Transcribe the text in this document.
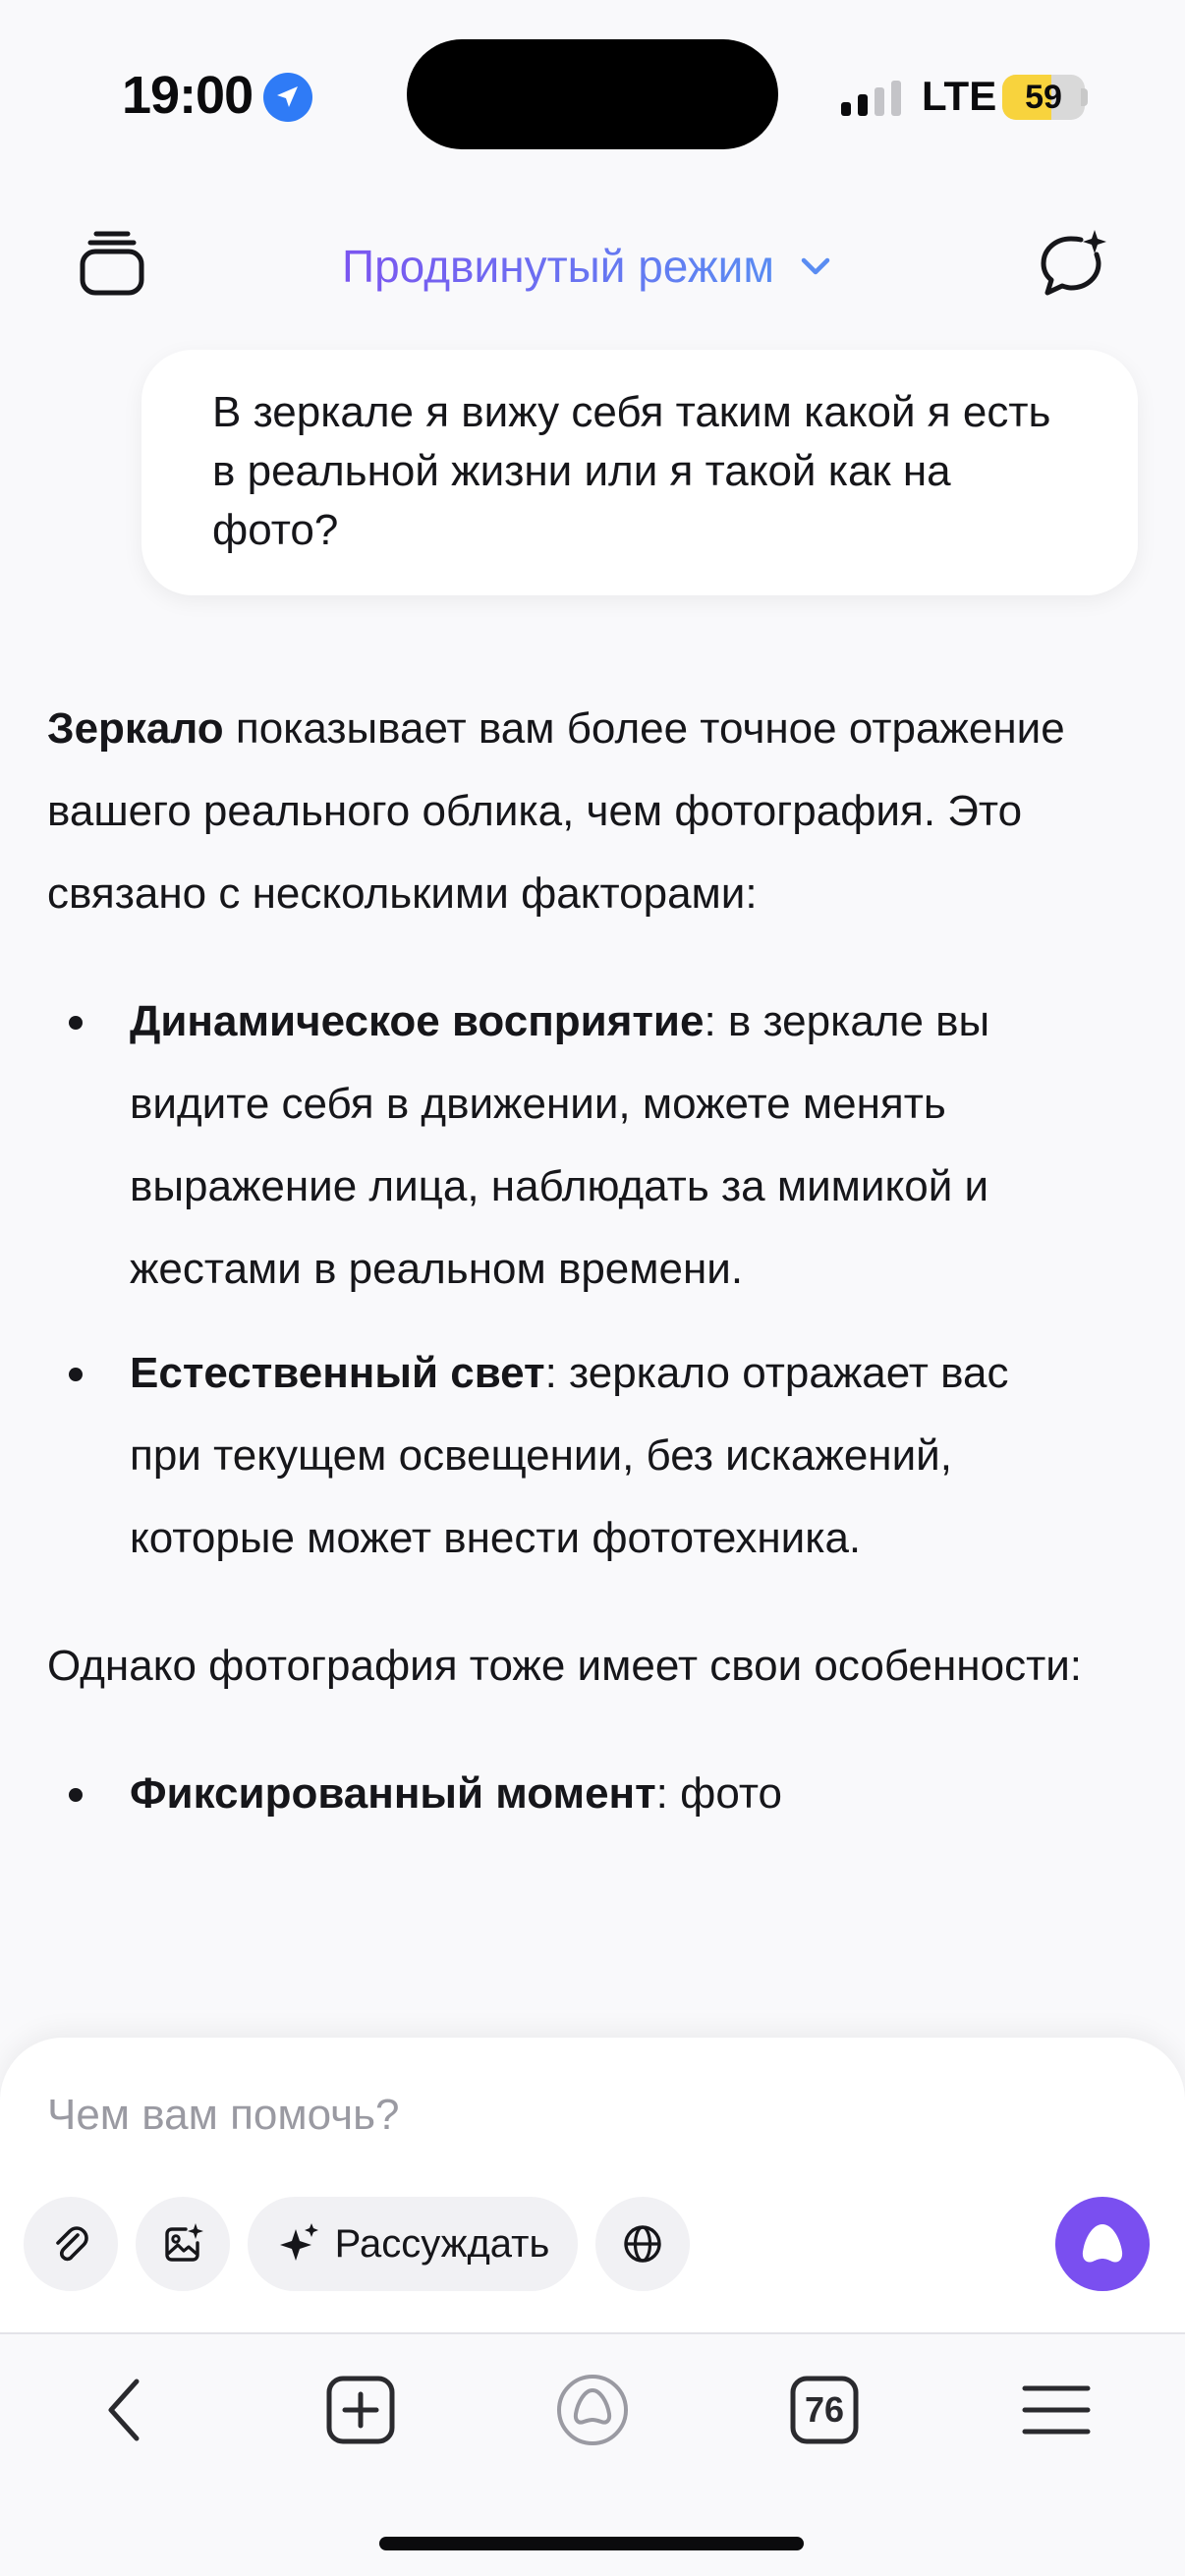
19:00	LTE 59
Продвинутый режим
В зеркале я вижу себя таким какой я есть в реальной жизни или я такой как на фото?

Зеркало показывает вам более точное отражение вашего реального облика, чем фотография. Это связано с несколькими факторами:

Динамическое восприятие: в зеркале вы видите себя в движении, можете менять выражение лица, наблюдать за мимикой и жестами в реальном времени.
Естественный свет: зеркало отражает вас при текущем освещении, без искажений, которые может внести фототехника.

Однако фотография тоже имеет свои особенности:

Фиксированный момент: фото
Чем вам помочь?
Рассуждать
76
